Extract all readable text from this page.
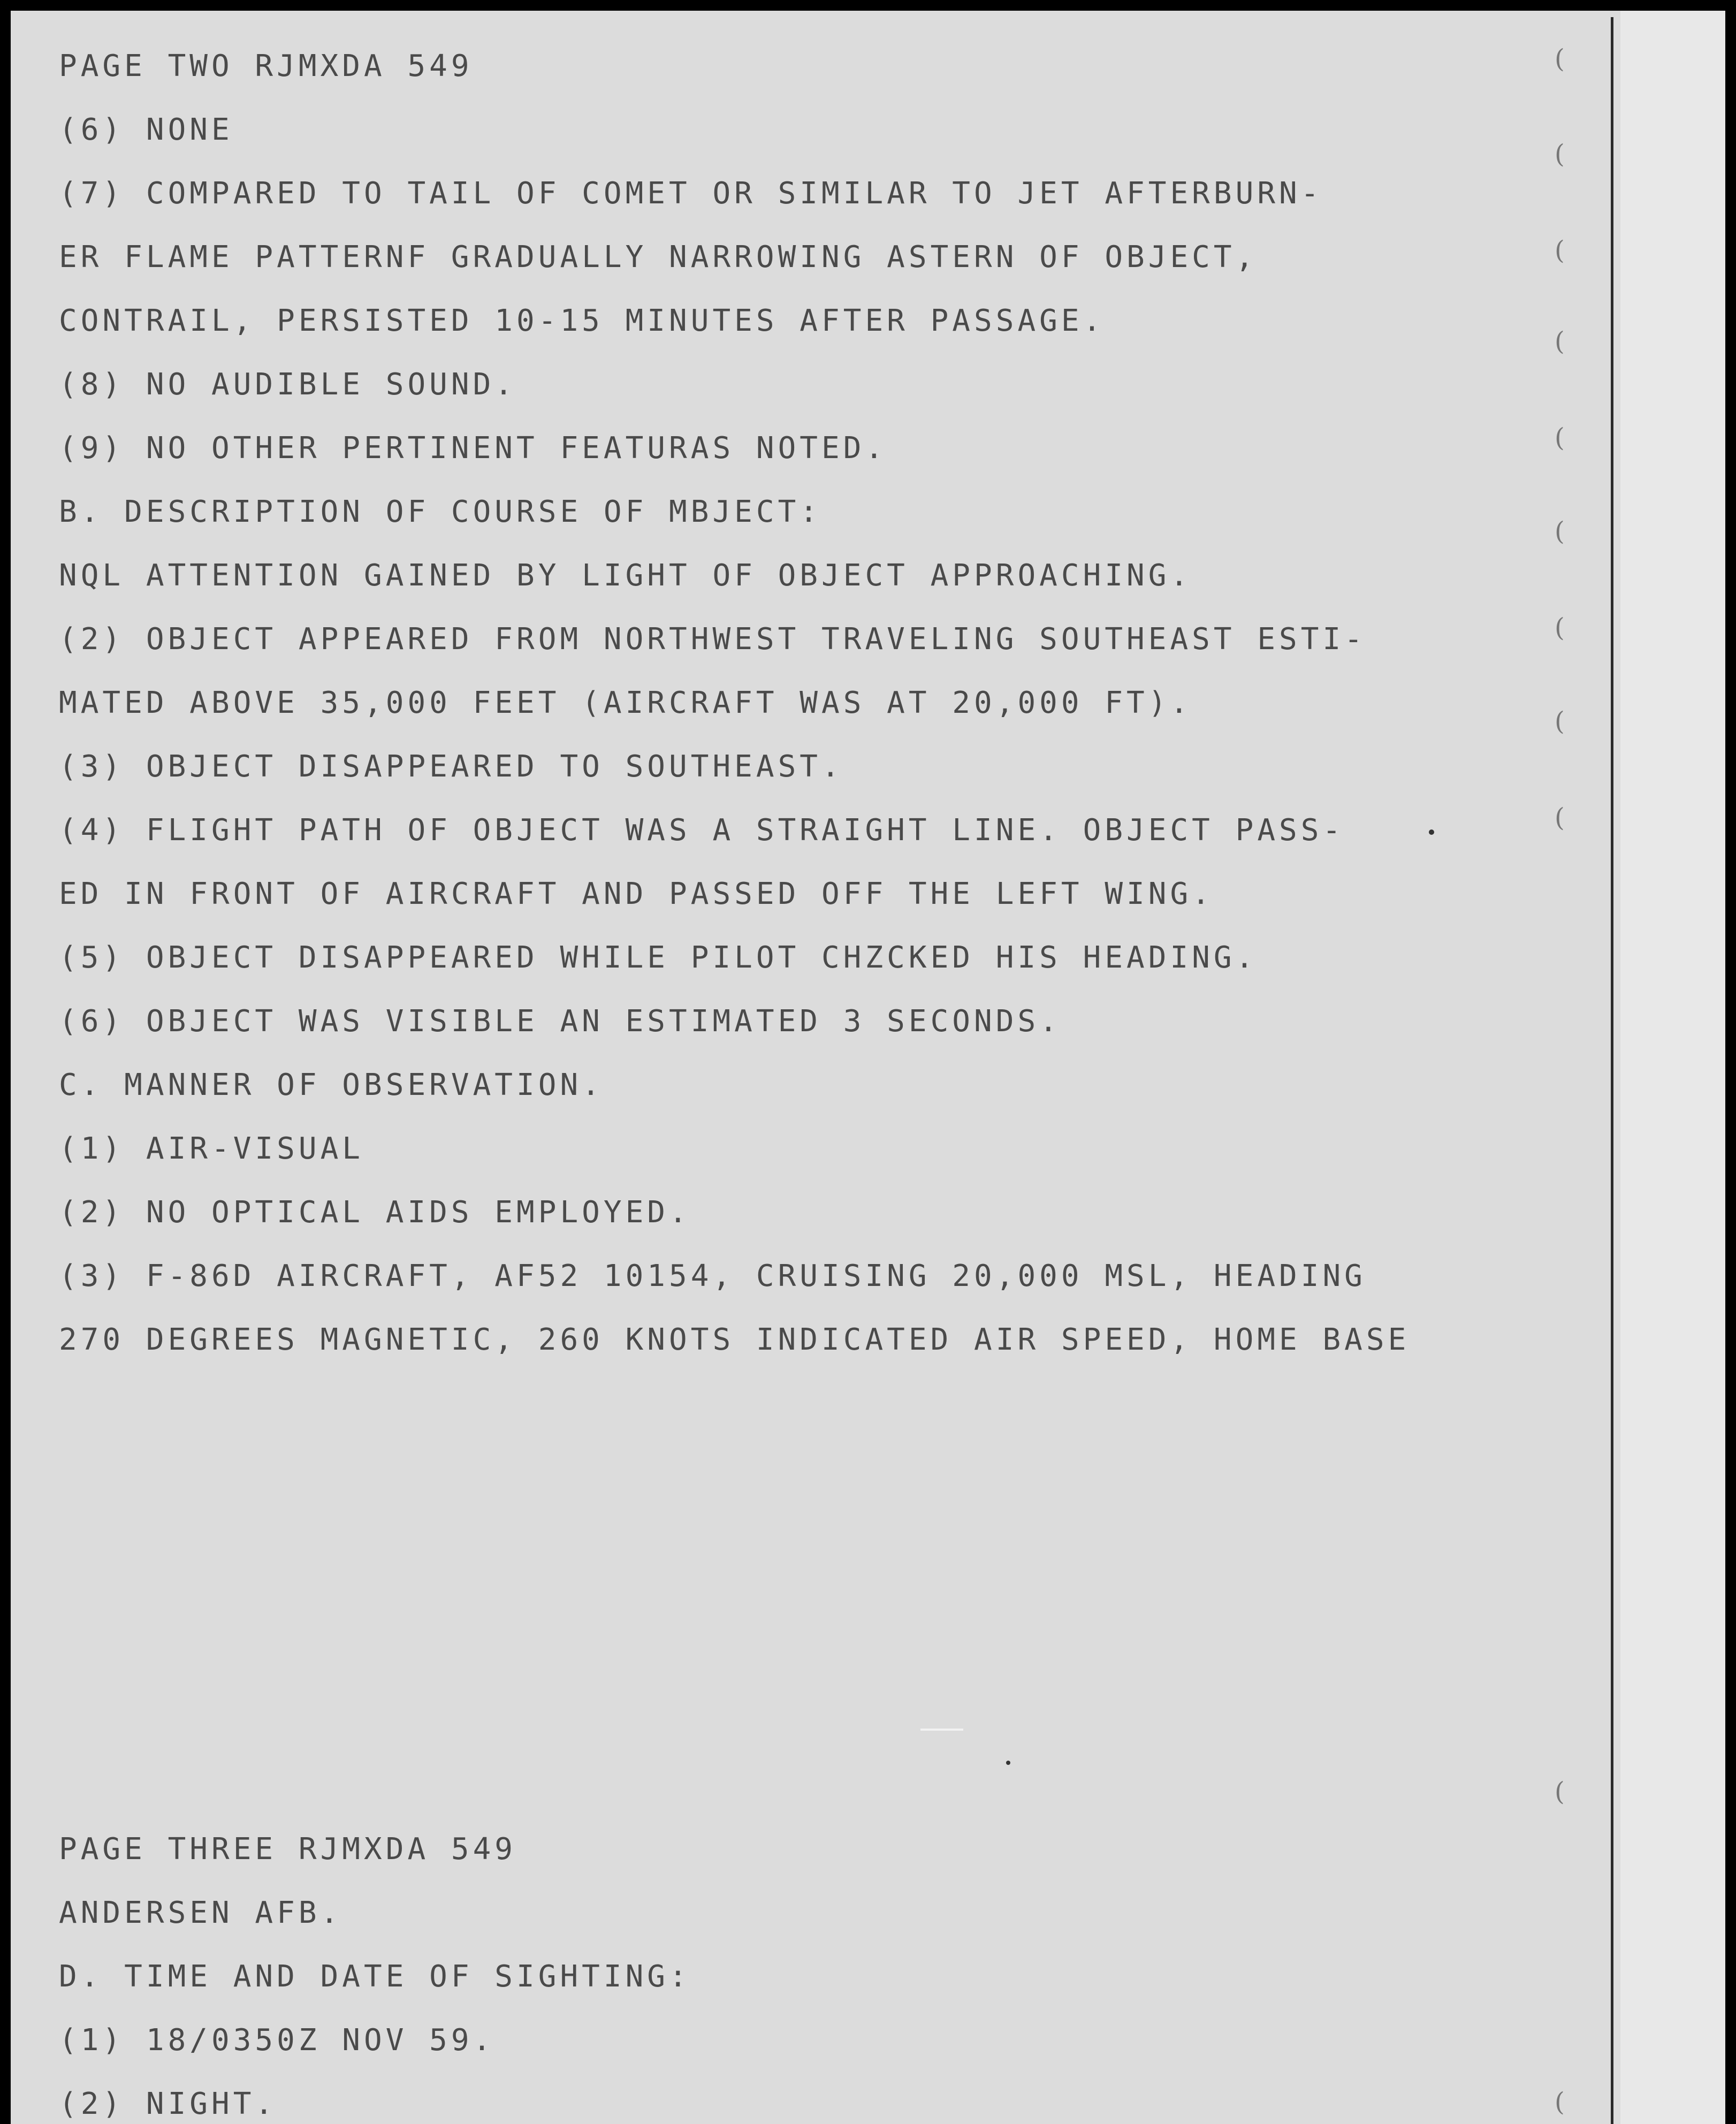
(
(
(
(
(
(
(
(
(
(
(
PAGE TWO RJMXDA 549
(6) NONE
(7) COMPARED TO TAIL OF COMET OR SIMILAR TO JET AFTERBURN-
ER FLAME PATTERNF GRADUALLY NARROWING ASTERN OF OBJECT,
CONTRAIL, PERSISTED 10-15 MINUTES AFTER PASSAGE.
(8) NO AUDIBLE SOUND.
(9) NO OTHER PERTINENT FEATURAS NOTED.
B. DESCRIPTION OF COURSE OF MBJECT:
NQL ATTENTION GAINED BY LIGHT OF OBJECT APPROACHING.
(2) OBJECT APPEARED FROM NORTHWEST TRAVELING SOUTHEAST ESTI-
MATED ABOVE 35,000 FEET (AIRCRAFT WAS AT 20,000 FT).
(3) OBJECT DISAPPEARED TO SOUTHEAST.
(4) FLIGHT PATH OF OBJECT WAS A STRAIGHT LINE. OBJECT PASS-
ED IN FRONT OF AIRCRAFT AND PASSED OFF THE LEFT WING.
(5) OBJECT DISAPPEARED WHILE PILOT CHZCKED HIS HEADING.
(6) OBJECT WAS VISIBLE AN ESTIMATED 3 SECONDS.
C. MANNER OF OBSERVATION.
(1) AIR-VISUAL
(2) NO OPTICAL AIDS EMPLOYED.
(3) F-86D AIRCRAFT, AF52 10154, CRUISING 20,000 MSL, HEADING
270 DEGREES MAGNETIC, 260 KNOTS INDICATED AIR SPEED, HOME BASE
PAGE THREE RJMXDA 549
ANDERSEN AFB.
D. TIME AND DATE OF SIGHTING:
(1) 18/0350Z NOV 59.
(2) NIGHT.
